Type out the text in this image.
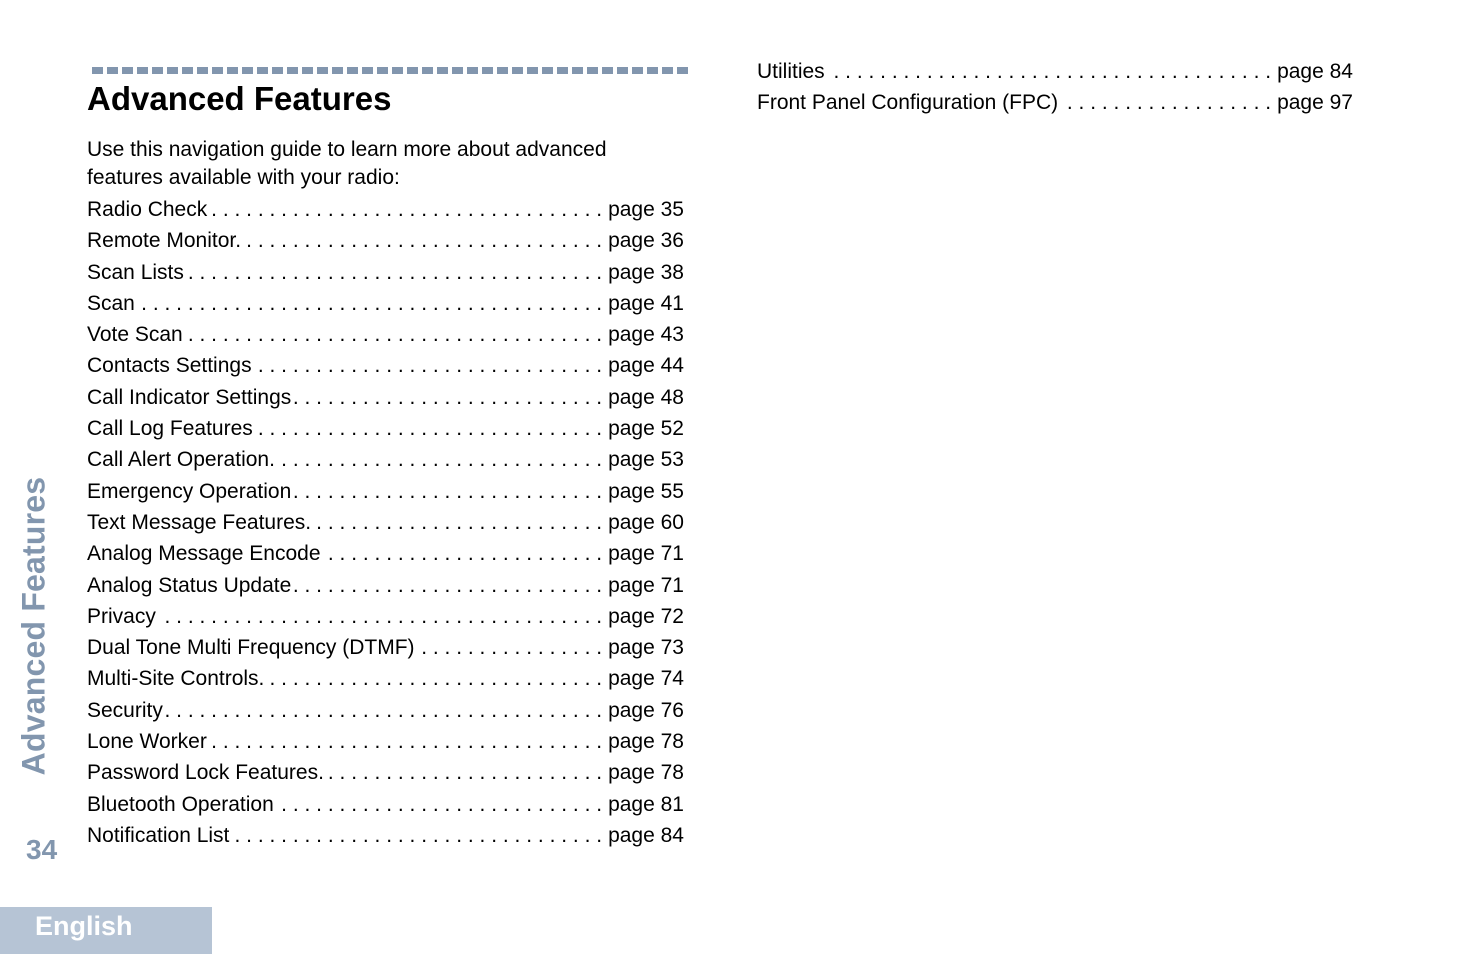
Advanced Features
34
English
Advanced Features

Use this navigation guide to learn more about advanced features available with your radio:

Radio Check . . .	page 35
Remote Monitor. . . .	page 36
Scan Lists . . .	page 38
Scan . . .	page 41
Vote Scan . . .	page 43
Contacts Settings . . .	page 44
Call Indicator Settings . . .	page 48
Call Log Features . . .	page 52
Call Alert Operation. . . .	page 53
Emergency Operation . . .	page 55
Text Message Features. . . .	page 60
Analog Message Encode . . .	page 71
Analog Status Update . . .	page 71
Privacy . . .	page 72
Dual Tone Multi Frequency (DTMF) . . .	page 73
Multi-Site Controls. . . .	page 74
Security . . .	page 76
Lone Worker . . .	page 78
Password Lock Features. . . .	page 78
Bluetooth Operation . . .	page 81
Notification List . . .	page 84
Utilities . . .	page 84
Front Panel Configuration (FPC) . . .	page 97
